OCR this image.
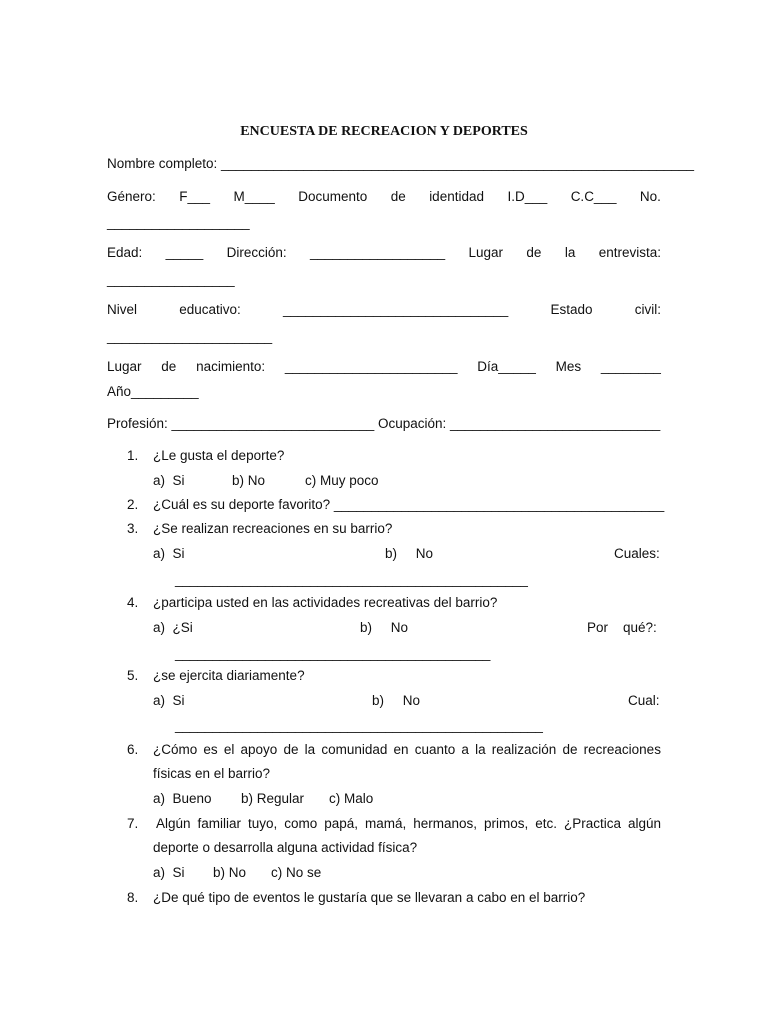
ENCUESTA DE RECREACION Y DEPORTES
Nombre completo: _______________________________________________________________
Género: F___ M____ Documento de identidad I.D___ C.C___ No.
___________________
Edad: _____ Dirección: __________________ Lugar de la entrevista:
_________________
Nivel	educativo:	______________________________	Estado	civil:
______________________
Lugar de nacimiento: _______________________ Día_____ Mes ________
Año_________
Profesión: ___________________________ Ocupación: ____________________________
1. ¿Le gusta el deporte?
a)  Si	b) No	c) Muy poco
2. ¿Cuál es su deporte favorito? ____________________________________________
3. ¿Se realizan recreaciones en su barrio?
a)  Si	b)     No	Cuales:
_______________________________________________
4. ¿participa usted en las actividades recreativas del barrio?
a)  ¿Si	b)     No	Por qué?:
__________________________________________
5. ¿se ejercita diariamente?
a)  Si	b)     No	Cual:
_________________________________________________
6. ¿Cómo es el apoyo de la comunidad en cuanto a la realización de recreaciones
físicas en el barrio?
a)  Bueno b) Regular c) Malo
7. Algún familiar tuyo, como papá, mamá, hermanos, primos, etc. ¿Practica algún
deporte o desarrolla alguna actividad física?
a)  Si b) No c) No se
8. ¿De qué tipo de eventos le gustaría que se llevaran a cabo en el barrio?
